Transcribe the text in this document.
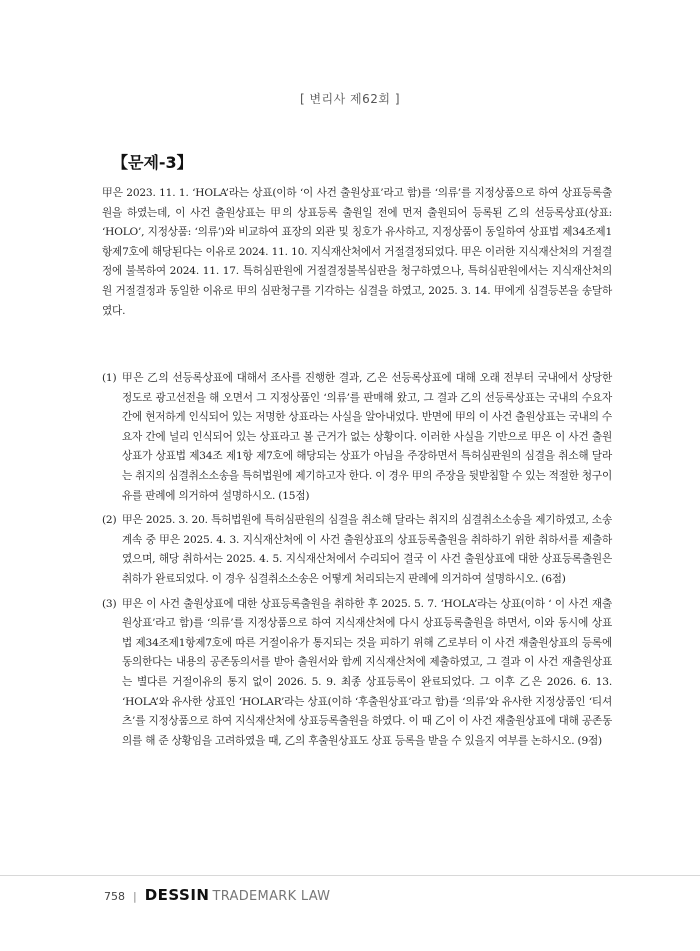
[ 변리사 제62회 ]
【문제-3】

甲은 2023. 11. 1. ‘HOLA’라는 상표(이하 ‘이 사건 출원상표’라고 함)를 ‘의류’를 지정상품으로 하여 상표등록출원을 하였는데, 이 사건 출원상표는 甲의 상표등록 출원일 전에 먼저 출원되어 등록된 乙의 선등록상표(상표: ‘HOLO’, 지정상품: ‘의류’)와 비교하여 표장의 외관 및 칭호가 유사하고, 지정상품이 동일하여 상표법 제34조제1항제7호에 해당된다는 이유로 2024. 11. 10. 지식재산처에서 거절결정되었다. 甲은 이러한 지식재산처의 거절결정에 불복하여 2024. 11. 17. 특허심판원에 거절결정불복심판을 청구하였으나, 특허심판원에서는 지식재산처의 원 거절결정과 동일한 이유로 甲의 심판청구를 기각하는 심결을 하였고, 2025. 3. 14. 甲에게 심결등본을 송달하였다.

(1) 甲은 乙의 선등록상표에 대해서 조사를 진행한 결과, 乙은 선등록상표에 대해 오래 전부터 국내에서 상당한 정도로 광고선전을 해 오면서 그 지정상품인 ‘의류’를 판매해 왔고, 그 결과 乙의 선등록상표는 국내의 수요자간에 현저하게 인식되어 있는 저명한 상표라는 사실을 알아내었다. 반면에 甲의 이 사건 출원상표는 국내의 수요자 간에 널리 인식되어 있는 상표라고 볼 근거가 없는 상황이다. 이러한 사실을 기반으로 甲은 이 사건 출원상표가 상표법 제34조 제1항 제7호에 해당되는 상표가 아님을 주장하면서 특허심판원의 심결을 취소해 달라는 취지의 심결취소소송을 특허법원에 제기하고자 한다. 이 경우 甲의 주장을 뒷받침할 수 있는 적절한 청구이유를 판례에 의거하여 설명하시오. (15점)
(2) 甲은 2025. 3. 20. 특허법원에 특허심판원의 심결을 취소해 달라는 취지의 심결취소소송을 제기하였고, 소송 계속 중 甲은 2025. 4. 3. 지식재산처에 이 사건 출원상표의 상표등록출원을 취하하기 위한 취하서를 제출하였으며, 해당 취하서는 2025. 4. 5. 지식재산처에서 수리되어 결국 이 사건 출원상표에 대한 상표등록출원은 취하가 완료되었다. 이 경우 심결취소소송은 어떻게 처리되는지 판례에 의거하여 설명하시오. (6점)
(3) 甲은 이 사건 출원상표에 대한 상표등록출원을 취하한 후 2025. 5. 7. ‘HOLA’라는 상표(이하 ‘ 이 사건 재출원상표’라고 함)를 ‘의류’를 지정상품으로 하여 지식재산처에 다시 상표등록출원을 하면서, 이와 동시에 상표법 제34조제1항제7호에 따른 거절이유가 통지되는 것을 피하기 위해 乙로부터 이 사건 재출원상표의 등록에 동의한다는 내용의 공존동의서를 받아 출원서와 함께 지식재산처에 제출하였고, 그 결과 이 사건 재출원상표는 별다른 거절이유의 통지 없이 2026. 5. 9. 최종 상표등록이 완료되었다. 그 이후 乙은 2026. 6. 13. ‘HOLA’와 유사한 상표인 ‘HOLAR’라는 상표(이하 ‘후출원상표’라고 함)를 ‘의류’와 유사한 지정상품인 ‘티셔츠’를 지정상품으로 하여 지식재산처에 상표등록출원을 하였다. 이 때 乙이 이 사건 재출원상표에 대해 공존동의를 해 준 상황임을 고려하였을 때, 乙의 후출원상표도 상표 등록을 받을 수 있을지 여부를 논하시오. (9점)
758 | DESSIN TRADEMARK LAW
